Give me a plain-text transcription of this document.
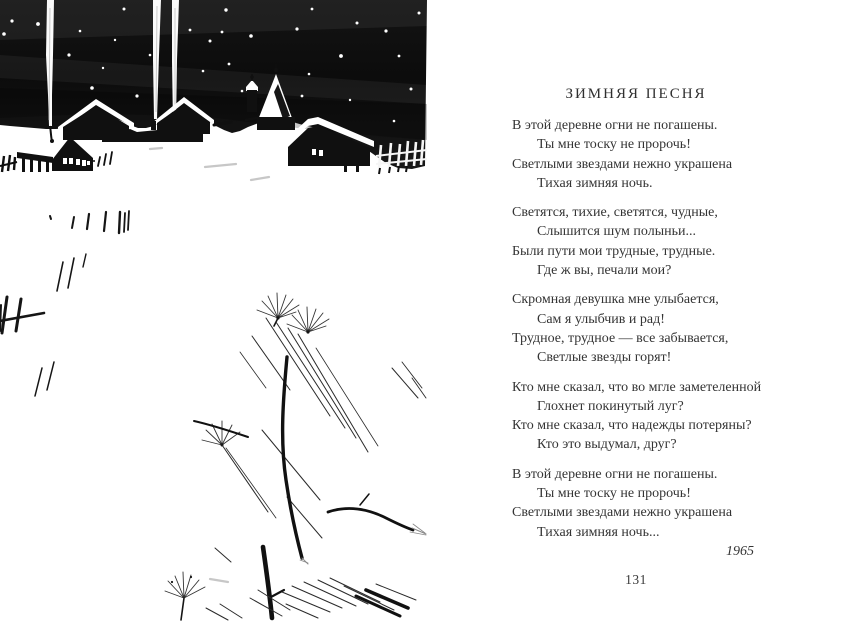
ЗИМНЯЯ ПЕСНЯ

В этой деревне огни не погашены.

Ты мне тоску не пророчь!

Светлыми звездами нежно украшена

Тихая зимняя ночь.

Светятся, тихие, светятся, чудные,

Слышится шум полыньи...

Были пути мои трудные, трудные.

Где ж вы, печали мои?

Скромная девушка мне улыбается,

Сам я улыбчив и рад!

Трудное, трудное — все забывается,

Светлые звезды горят!

Кто мне сказал, что во мгле заметеленной

Глохнет покинутый луг?

Кто мне сказал, что надежды потеряны?

Кто это выдумал, друг?

В этой деревне огни не погашены.

Ты мне тоску не пророчь!

Светлыми звездами нежно украшена

Тихая зимняя ночь...

1965
131
